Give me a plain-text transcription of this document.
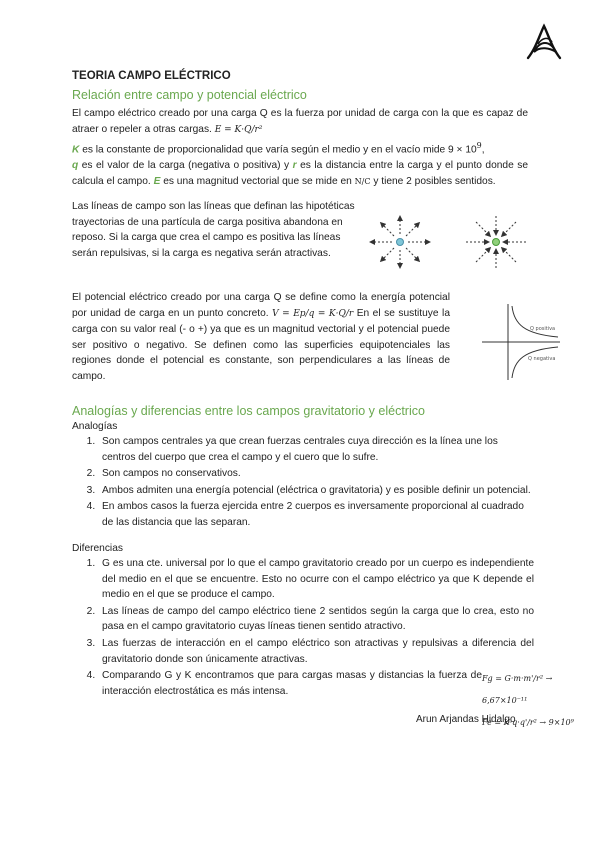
TEORIA CAMPO ELÉCTRICO
Relación entre campo y potencial eléctrico
El campo eléctrico creado por una carga Q es la fuerza por unidad de carga con la que es capaz de atraer o repeler a otras cargas. E = K·Q/r²
K es la constante de proporcionalidad que varía según el medio y en el vacío mide $9 \times 10^9$,
q es el valor de la carga (negativa o positiva) y r es la distancia entre la carga y el punto donde se calcula el campo. E es una magnitud vectorial que se mide en N/C y tiene 2 posibles sentidos.
Las líneas de campo son las líneas que definan las hipotéticas trayectorias de una partícula de carga positiva abandona en reposo. Si la carga que crea el campo es positiva las líneas serán repulsivas, si la carga es negativa serán atractivas.
El potencial eléctrico creado por una carga Q se define como la energía potencial por unidad de carga en un punto concreto. V = Ep/q = K·Q/r En el se sustituye la carga con su valor real (- o +) ya que es un magnitud vectorial y el potencial puede ser positivo o negativo. Se definen como las superficies equipotenciales las regiones donde el potencial es constante, son perpendiculares a las líneas de campo.
Q positiva
Q negativa
Analogías y diferencias entre los campos gravitatorio y eléctrico
Analogías
1. Son campos centrales ya que crean fuerzas centrales cuya dirección es la línea une los centros del cuerpo que crea el campo y el cuero que lo sufre.
2. Son campos no conservativos.
3. Ambos admiten una energía potencial (eléctrica o gravitatoria) y es posible definir un potencial.
4. En ambos casos la fuerza ejercida entre 2 cuerpos es inversamente proporcional al cuadrado de las distancia que las separan.
Diferencias
1. G es una cte. universal por lo que el campo gravitatorio creado por un cuerpo es independiente del medio en el que se encuentre. Esto no ocurre con el campo eléctrico ya que K depende el medio en el que se produce el campo.
2. Las líneas de campo del campo eléctrico tiene 2 sentidos según la carga que lo crea, esto no pasa en el campo gravitatorio cuyas líneas tienen sentido atractivo.
3. Las fuerzas de interacción en el campo eléctrico son atractivas y repulsivas a diferencia del gravitatorio donde son únicamente atractivas.
4. Comparando G y K encontramos que para cargas masas y distancias la fuerza de interacción electrostática es más intensa.
Fg = G·m·m'/r² → 6,67×10⁻¹¹
Fe = K·q·q'/r² → 9×10⁹
Arun Arjandas Hidalgo
